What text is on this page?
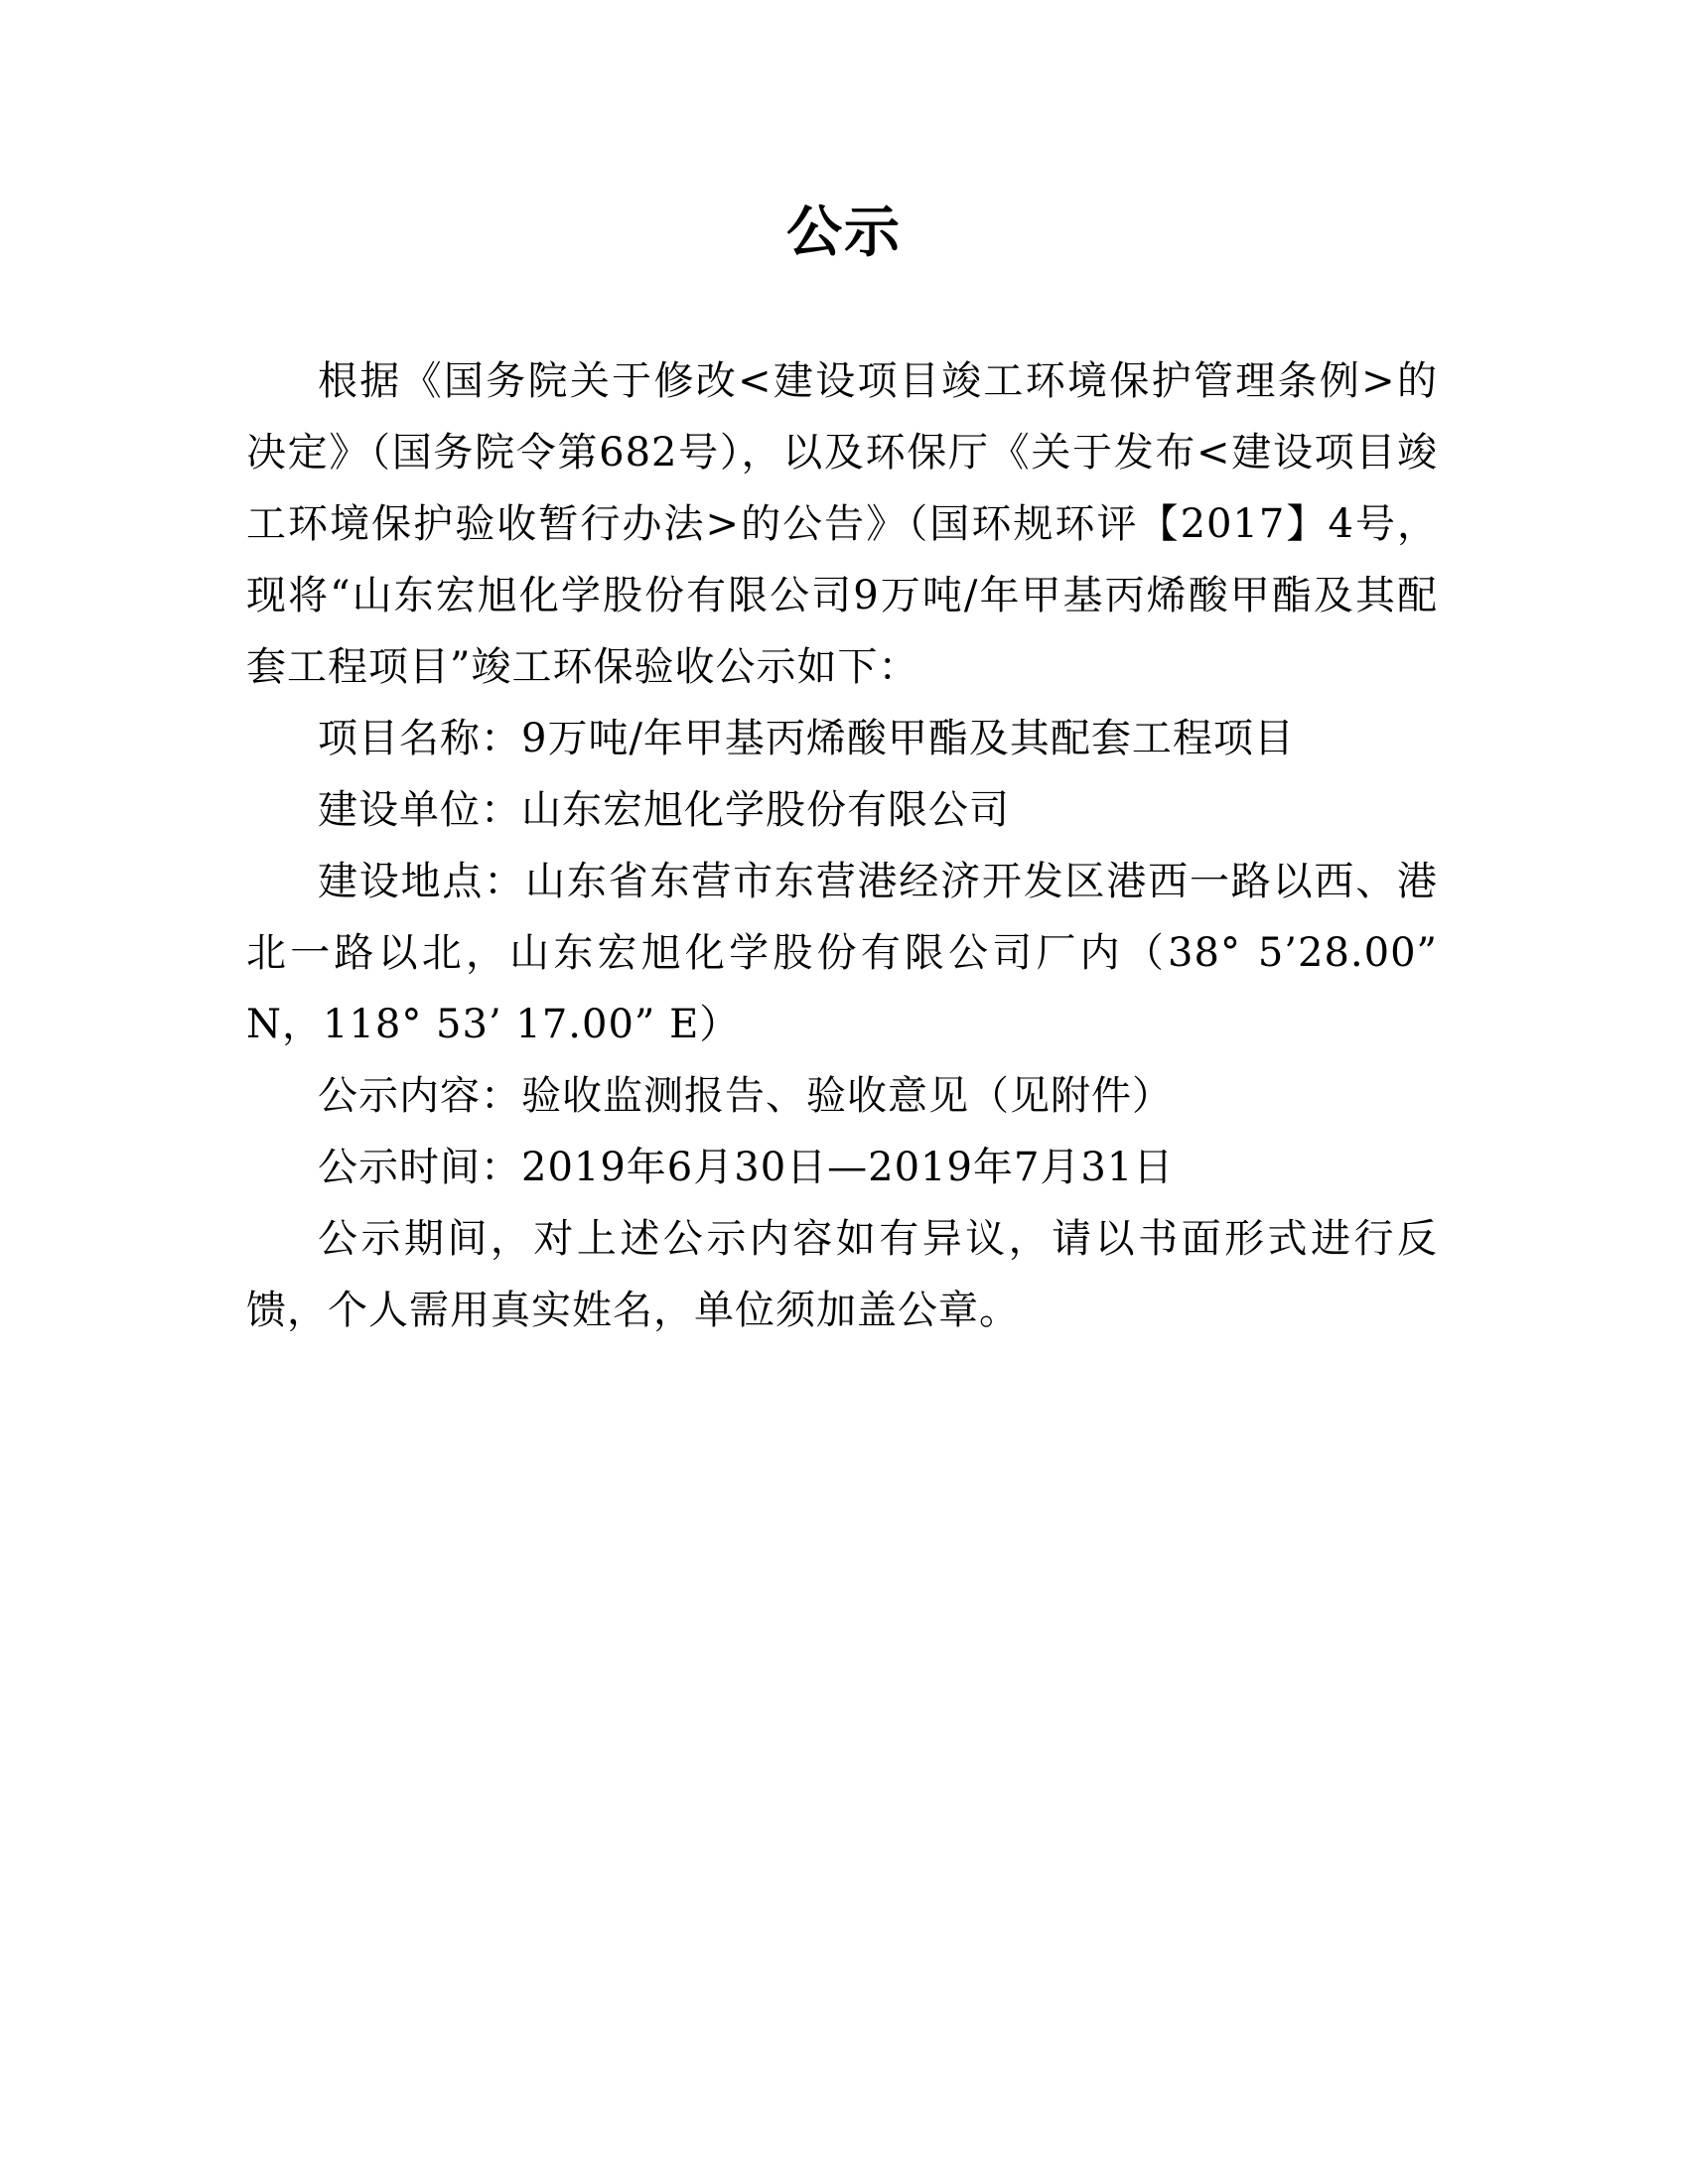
公示

根据《国务院关于修改<建设项目竣工环境保护管理条例>的决定》（国务院令第682号），以及环保厅《关于发布<建设项目竣工环境保护验收暂行办法>的公告》（国环规环评【2017】4号，现将“山东宏旭化学股份有限公司9万吨/年甲基丙烯酸甲酯及其配套工程项目”竣工环保验收公示如下：

项目名称：9万吨/年甲基丙烯酸甲酯及其配套工程项目

建设单位：山东宏旭化学股份有限公司

建设地点：山东省东营市东营港经济开发区港西一路以西、港北一路以北，山东宏旭化学股份有限公司厂内（38° 5’28.00” N，118° 53’ 17.00” E）

公示内容：验收监测报告、验收意见（见附件）

公示时间：2019年6月30日—2019年7月31日

公示期间，对上述公示内容如有异议，请以书面形式进行反馈，个人需用真实姓名，单位须加盖公章。
